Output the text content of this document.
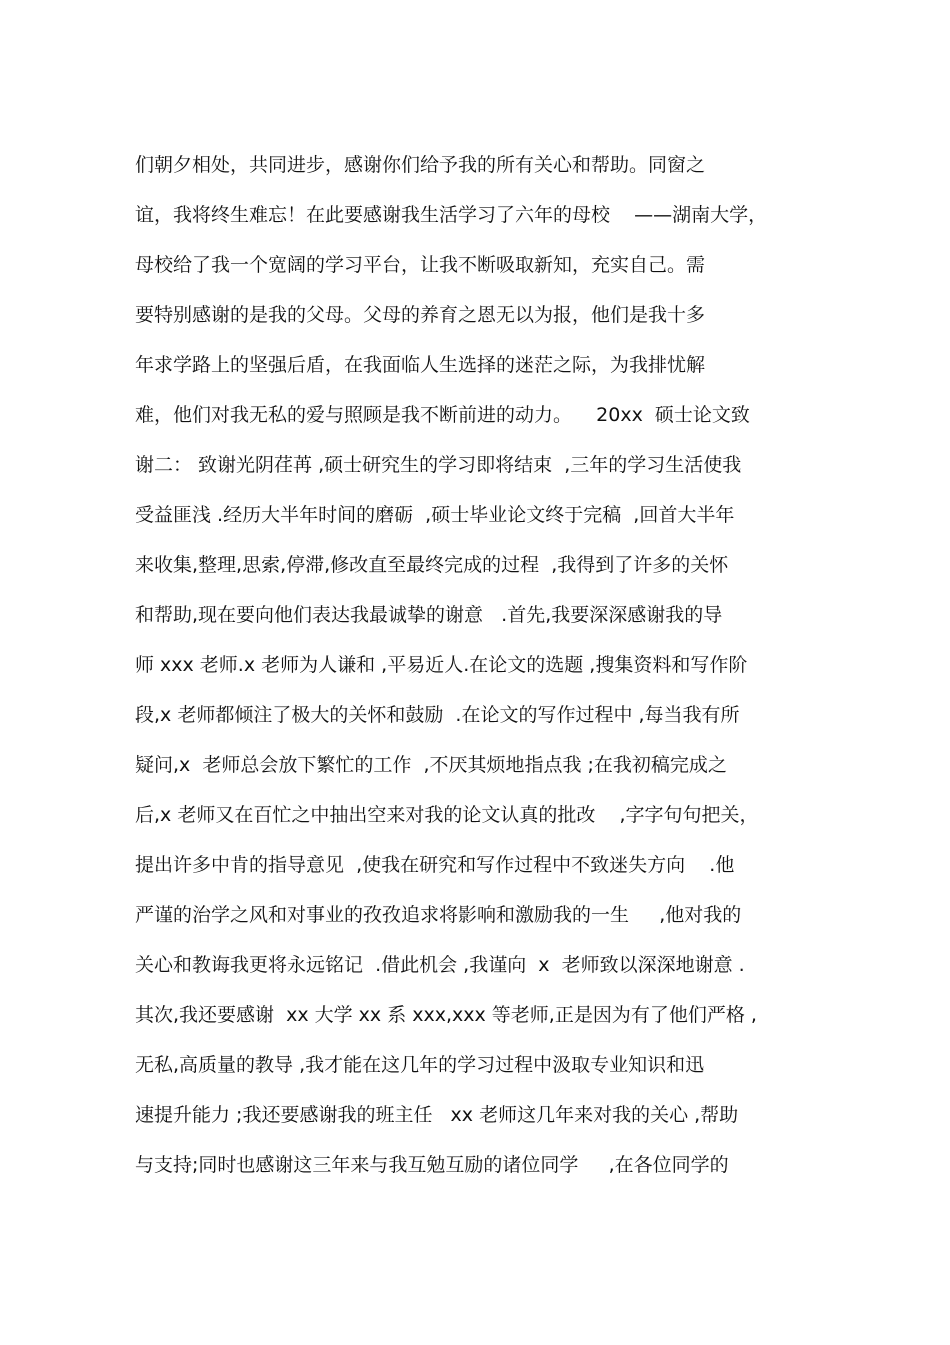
们朝夕相处，共同进步，感谢你们给予我的所有关心和帮助。同窗之
谊，我将终生难忘！在此要感谢我生活学习了六年的母校    ——湖南大学，
母校给了我一个宽阔的学习平台，让我不断吸取新知，充实自己。需
要特别感谢的是我的父母。父母的养育之恩无以为报，他们是我十多
年求学路上的坚强后盾，在我面临人生选择的迷茫之际，为我排忧解
难，他们对我无私的爱与照顾是我不断前进的动力。    20xx  硕士论文致
谢二： 致谢光阴荏苒 ,硕士研究生的学习即将结束  ,三年的学习生活使我
受益匪浅 .经历大半年时间的磨砺  ,硕士毕业论文终于完稿  ,回首大半年
来收集,整理,思索,停滞,修改直至最终完成的过程  ,我得到了许多的关怀
和帮助,现在要向他们表达我最诚挚的谢意   .首先,我要深深感谢我的导
师 xxx 老师.x 老师为人谦和 ,平易近人.在论文的选题 ,搜集资料和写作阶
段,x 老师都倾注了极大的关怀和鼓励  .在论文的写作过程中 ,每当我有所
疑问,x  老师总会放下繁忙的工作  ,不厌其烦地指点我 ;在我初稿完成之
后,x 老师又在百忙之中抽出空来对我的论文认真的批改    ,字字句句把关，
提出许多中肯的指导意见  ,使我在研究和写作过程中不致迷失方向    .他
严谨的治学之风和对事业的孜孜追求将影响和激励我的一生     ,他对我的
关心和教诲我更将永远铭记  .借此机会 ,我谨向  x  老师致以深深地谢意 .
其次,我还要感谢  xx 大学 xx 系 xxx,xxx 等老师,正是因为有了他们严格 ,
无私,高质量的教导 ,我才能在这几年的学习过程中汲取专业知识和迅
速提升能力 ;我还要感谢我的班主任   xx 老师这几年来对我的关心 ,帮助
与支持;同时也感谢这三年来与我互勉互励的诸位同学     ,在各位同学的
